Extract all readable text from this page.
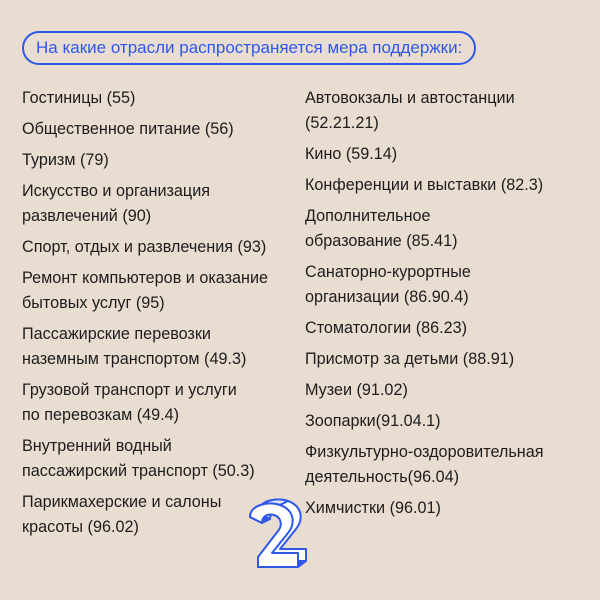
На какие отрасли распространяется мера поддержки:
Гостиницы (55)
Общественное питание (56)
Туризм (79)
Искусство и организация
развлечений (90)
Спорт, отдых и развлечения (93)
Ремонт компьютеров и оказание
бытовых услуг (95)
Пассажирские перевозки
наземным транспортом (49.3)
Грузовой транспорт и услуги
по перевозкам (49.4)
Внутренний водный
пассажирский транспорт (50.3)
Парикмахерские и салоны
красоты (96.02)
Автовокзалы и автостанции
(52.21.21)
Кино (59.14)
Конференции и выставки (82.3)
Дополнительное
образование (85.41)
Санаторно-курортные
организации (86.90.4)
Стоматологии (86.23)
Присмотр за детьми (88.91)
Музеи (91.02)
Зоопарки(91.04.1)
Физкультурно-оздоровительная
деятельность(96.04)
Химчистки (96.01)
